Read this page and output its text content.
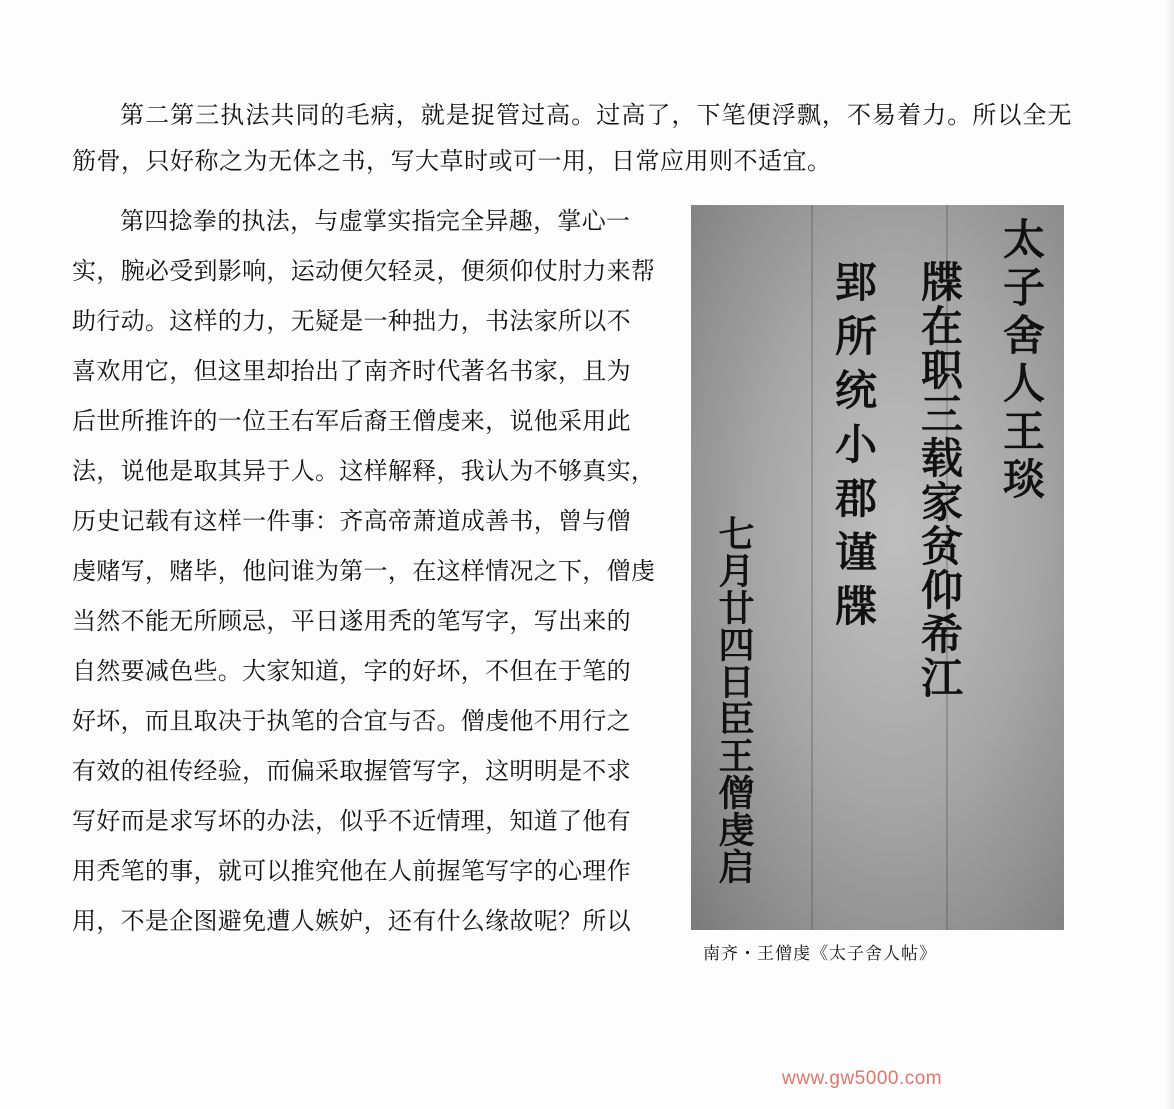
第二第三执法共同的毛病，就是捉管过高。过高了，下笔便浮飘，不易着力。所以全无筋骨，只好称之为无体之书，写大草时或可一用，日常应用则不适宜。

第四捻拳的执法，与虚掌实指完全异趣，掌心一
实，腕必受到影响，运动便欠轻灵，便须仰仗肘力来帮
助行动。这样的力，无疑是一种拙力，书法家所以不
喜欢用它，但这里却抬出了南齐时代著名书家，且为
后世所推许的一位王右军后裔王僧虔来，说他采用此
法，说他是取其异于人。这样解释，我认为不够真实，
历史记载有这样一件事：齐高帝萧道成善书，曾与僧
虔赌写，赌毕，他问谁为第一，在这样情况之下，僧虔
当然不能无所顾忌，平日遂用秃的笔写字，写出来的
自然要减色些。大家知道，字的好坏，不但在于笔的
好坏，而且取决于执笔的合宜与否。僧虔他不用行之
有效的祖传经验，而偏采取握管写字，这明明是不求
写好而是求写坏的办法，似乎不近情理，知道了他有
用秃笔的事，就可以推究他在人前握笔写字的心理作
用，不是企图避免遭人嫉妒，还有什么缘故呢？所以
太子舍人王琰
牒在职三载家贫仰希江
郢所统小郡谨牒
七月廿四日臣王僧虔启
南齐・王僧虔《太子舍人帖》
www.gw5000.com
